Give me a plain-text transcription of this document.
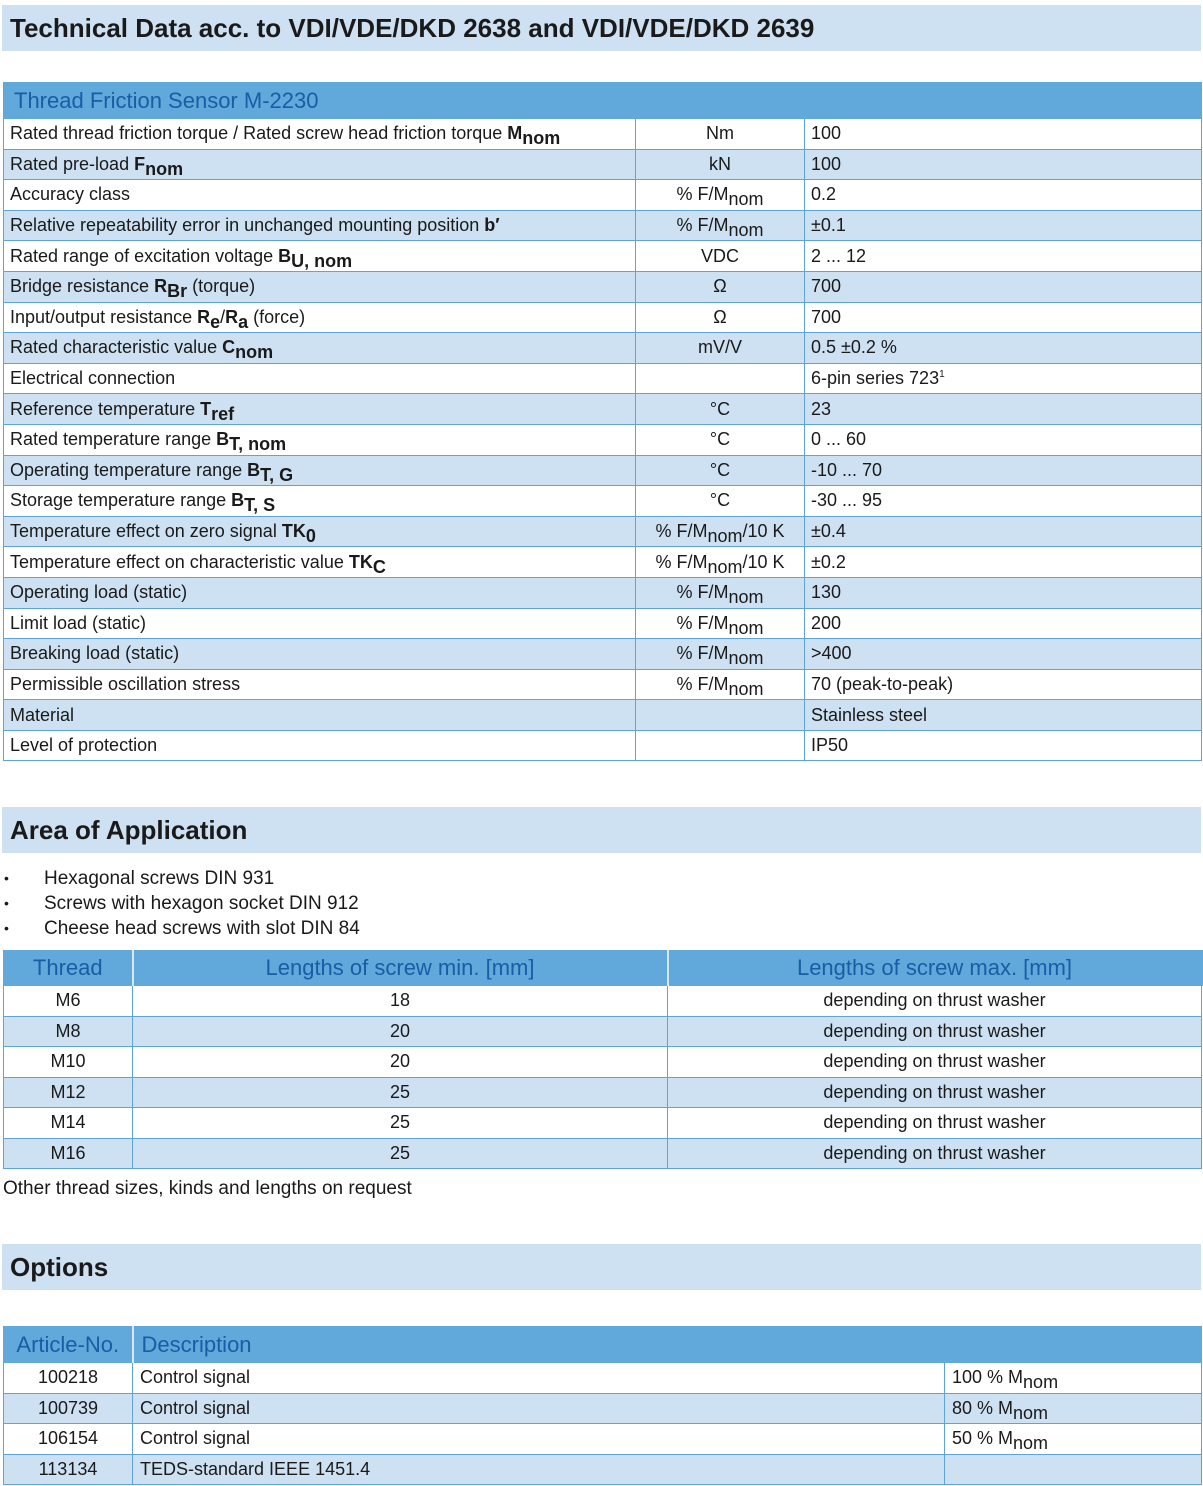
Technical Data acc. to VDI/VDE/DKD 2638 and VDI/VDE/DKD 2639
Thread Friction Sensor M-2230		
Rated thread friction torque / Rated screw head friction torque $M_{nom}$	Nm	100
Rated pre-load $F_{nom}$	kN	100
Accuracy class	% $F/M_{nom}$	0.2
Relative repeatability error in unchanged mounting position b′	% $F/M_{nom}$	±0.1
Rated range of excitation voltage $B_{U, nom}$	VDC	2 ... 12
Bridge resistance $R_{Br}$ (torque)	Ω	700
Input/output resistance $R_e/R_a$ (force)	Ω	700
Rated characteristic value $C_{nom}$	mV/V	0.5 ±0.2 %
Electrical connection		6-pin series $723^1$
Reference temperature $T_{ref}$	°C	23
Rated temperature range $B_{T, nom}$	°C	0 ... 60
Operating temperature range $B_{T, G}$	°C	-10 ... 70
Storage temperature range $B_{T, S}$	°C	-30 ... 95
Temperature effect on zero signal $TK_0$	% $F/M_{nom}/10$ K	±0.4
Temperature effect on characteristic value $TK_C$	% $F/M_{nom}/10$ K	±0.2
Operating load (static)	% $F/M_{nom}$	130
Limit load (static)	% $F/M_{nom}$	200
Breaking load (static)	% $F/M_{nom}$	>400
Permissible oscillation stress	% $F/M_{nom}$	70 (peak-to-peak)
Material		Stainless steel
Level of protection		IP50
Area of Application
• Hexagonal screws DIN 931
• Screws with hexagon socket DIN 912
• Cheese head screws with slot DIN 84
Thread	Lengths of screw min. [mm]	Lengths of screw max. [mm]
M6	18	depending on thrust washer
M8	20	depending on thrust washer
M10	20	depending on thrust washer
M12	25	depending on thrust washer
M14	25	depending on thrust washer
M16	25	depending on thrust washer
Other thread sizes, kinds and lengths on request
Options
Article-No.	Description	
100218	Control signal	100 % $M_{nom}$
100739	Control signal	80 % $M_{nom}$
106154	Control signal	50 % $M_{nom}$
113134	TEDS-standard IEEE 1451.4	
